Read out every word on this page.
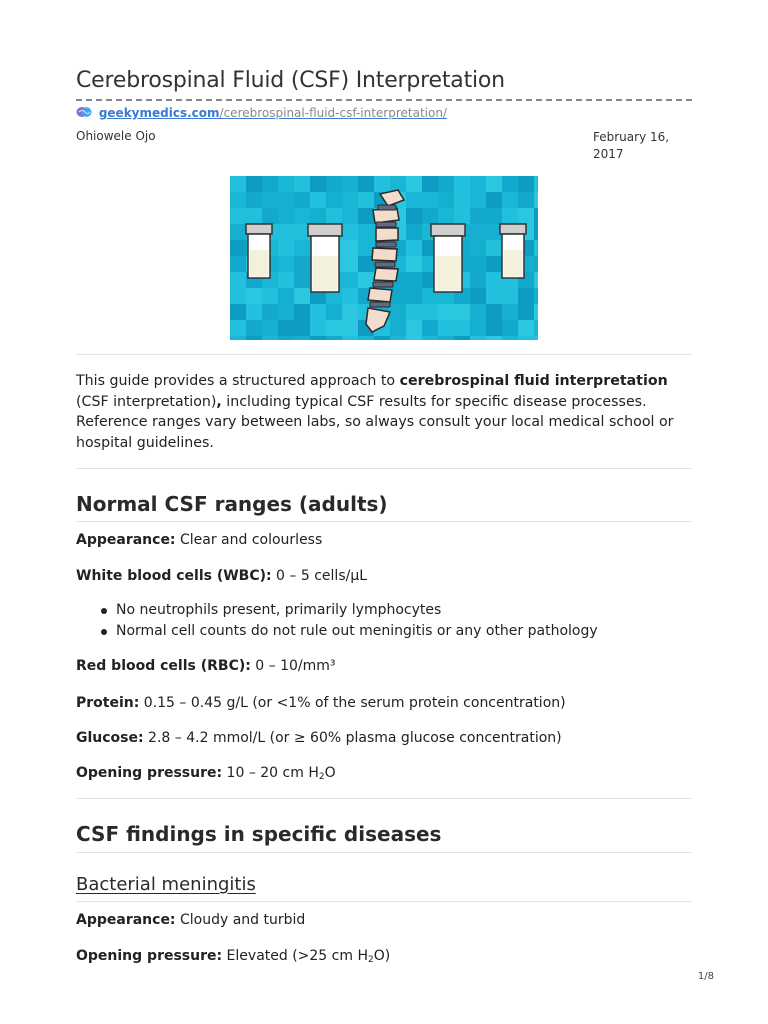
Cerebrospinal Fluid (CSF) Interpretation
geekymedics.com/cerebrospinal-fluid-csf-interpretation/
Ohiowele Ojo	February 16, 2017

This guide provides a structured approach to cerebrospinal fluid interpretation (CSF interpretation), including typical CSF results for specific disease processes. Reference ranges vary between labs, so always consult your local medical school or hospital guidelines.

Normal CSF ranges (adults)

Appearance: Clear and colourless

White blood cells (WBC): 0 – 5 cells/µL

No neutrophils present, primarily lymphocytes
Normal cell counts do not rule out meningitis or any other pathology

Red blood cells (RBC): 0 – 10/mm³

Protein: 0.15 – 0.45 g/L (or <1% of the serum protein concentration)

Glucose: 2.8 – 4.2 mmol/L (or ≥ 60% plasma glucose concentration)

Opening pressure: 10 – 20 cm $H_2O$

CSF findings in specific diseases
Bacterial meningitis

Appearance: Cloudy and turbid

Opening pressure: Elevated (>25 cm $H_2O$)

1/8
